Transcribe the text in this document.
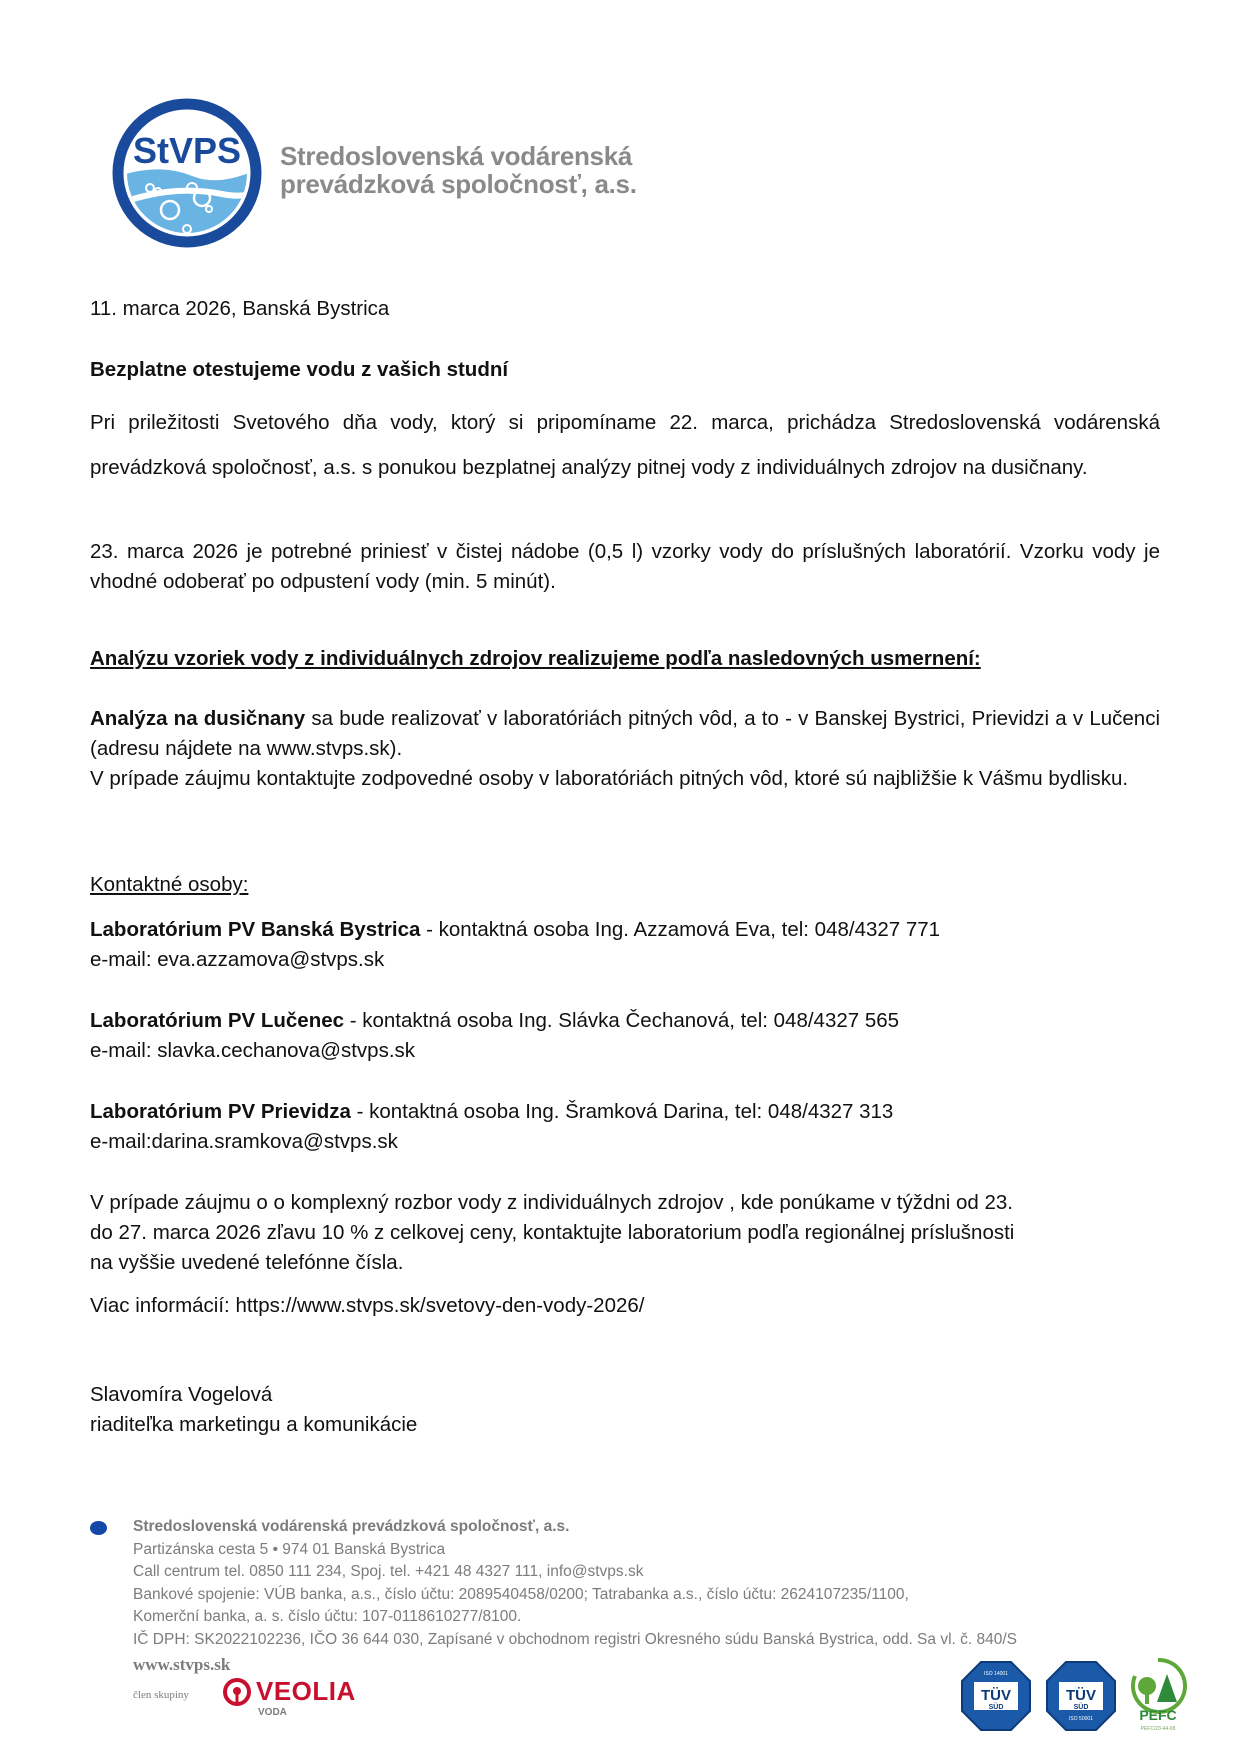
StVPS Stredoslovenská vodárenská
prevádzková spoločnosť, a.s.
11. marca 2026, Banská Bystrica
Bezplatne otestujeme vodu z vašich studní
Pri priležitosti Svetového dňa vody, ktorý si pripomíname 22. marca, prichádza Stredoslovenská vodárenská prevádzková spoločnosť, a.s. s ponukou bezplatnej analýzy pitnej vody z individuálnych zdrojov na dusičnany.
23. marca 2026 je potrebné priniesť v čistej nádobe (0,5 l) vzorky vody do príslušných laboratórií. Vzorku vody je vhodné odoberať po odpustení vody (min. 5 minút).
Analýzu vzoriek vody z individuálnych zdrojov realizujeme podľa nasledovných usmernení:
Analýza na dusičnany sa bude realizovať v laboratóriách pitných vôd, a to - v Banskej Bystrici, Prievidzi a v Lučenci (adresu nájdete na www.stvps.sk).
V prípade záujmu kontaktujte zodpovedné osoby v laboratóriách pitných vôd, ktoré sú najbližšie k Vášmu bydlisku.
Kontaktné osoby:
Laboratórium PV Banská Bystrica - kontaktná osoba Ing. Azzamová Eva, tel: 048/4327 771
e-mail: eva.azzamova@stvps.sk
Laboratórium PV Lučenec - kontaktná osoba Ing. Slávka Čechanová, tel: 048/4327 565
e-mail: slavka.cechanova@stvps.sk
Laboratórium PV Prievidza - kontaktná osoba Ing. Šramková Darina, tel: 048/4327 313
e-mail:darina.sramkova@stvps.sk
V prípade záujmu o o komplexný rozbor vody z individuálnych zdrojov , kde ponúkame v týždni od 23.
do 27. marca 2026 zľavu 10 % z celkovej ceny, kontaktujte laboratorium podľa regionálnej príslušnosti
na vyššie uvedené telefónne čísla.
Viac informácií: https://www.stvps.sk/svetovy-den-vody-2026/
Slavomíra Vogelová
riaditeľka marketingu a komunikácie
Stredoslovenská vodárenská prevádzková spoločnosť, a.s.
Partizánska cesta 5 • 974 01 Banská Bystrica
Call centrum tel. 0850 111 234, Spoj. tel. +421 48 4327 111, info@stvps.sk
Bankové spojenie: VÚB banka, a.s., číslo účtu: 2089540458/0200; Tatrabanka a.s., číslo účtu: 2624107235/1100,
Komerční banka, a. s. číslo účtu: 107-0118610277/8100.
IČ DPH: SK2022102236, IČO 36 644 030, Zapísané v obchodnom registri Okresného súdu Banská Bystrica, odd. Sa vl. č. 840/S
www.stvps.sk
člen skupiny	VEOLIA
VODA
TÜV
SÜD
ISO 14001
TÜV
SÜD
ISO 50001	PEFC
PEFC/23-44-08
